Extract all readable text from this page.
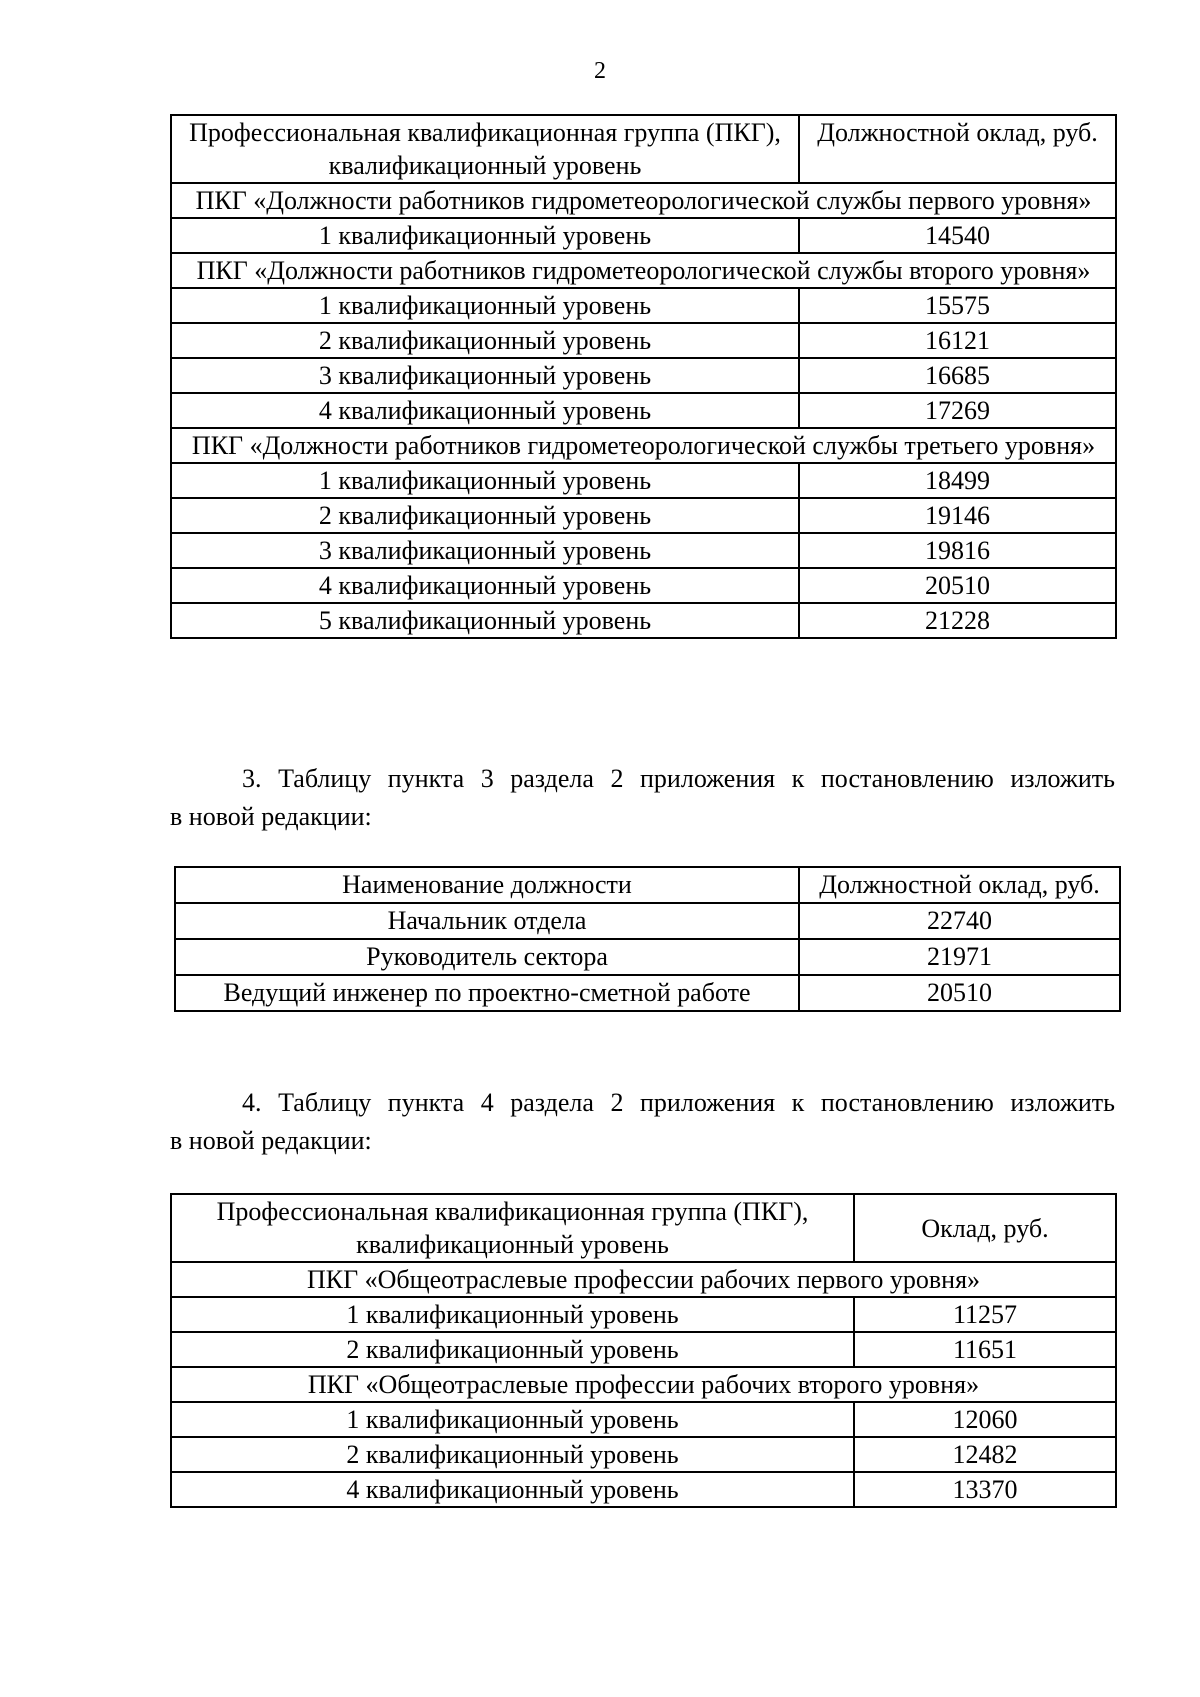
2
Профессиональная квалификационная группа (ПКГ), квалификационный уровень	Должностной оклад, руб.
ПКГ «Должности работников гидрометеорологической службы первого уровня»	
1 квалификационный уровень	14540
ПКГ «Должности работников гидрометеорологической службы второго уровня»	
1 квалификационный уровень	15575
2 квалификационный уровень	16121
3 квалификационный уровень	16685
4 квалификационный уровень	17269
ПКГ «Должности работников гидрометеорологической службы третьего уровня»	
1 квалификационный уровень	18499
2 квалификационный уровень	19146
3 квалификационный уровень	19816
4 квалификационный уровень	20510
5 квалификационный уровень	21228

3. Таблицу пункта 3 раздела 2 приложения к постановлению изложить
в новой редакции:

Наименование должности	Должностной оклад, руб.
Начальник отдела	22740
Руководитель сектора	21971
Ведущий инженер по проектно-сметной работе	20510

4. Таблицу пункта 4 раздела 2 приложения к постановлению изложить
в новой редакции:

Профессиональная квалификационная группа (ПКГ), квалификационный уровень	Оклад, руб.
ПКГ «Общеотраслевые профессии рабочих первого уровня»	
1 квалификационный уровень	11257
2 квалификационный уровень	11651
ПКГ «Общеотраслевые профессии рабочих второго уровня»	
1 квалификационный уровень	12060
2 квалификационный уровень	12482
4 квалификационный уровень	13370
